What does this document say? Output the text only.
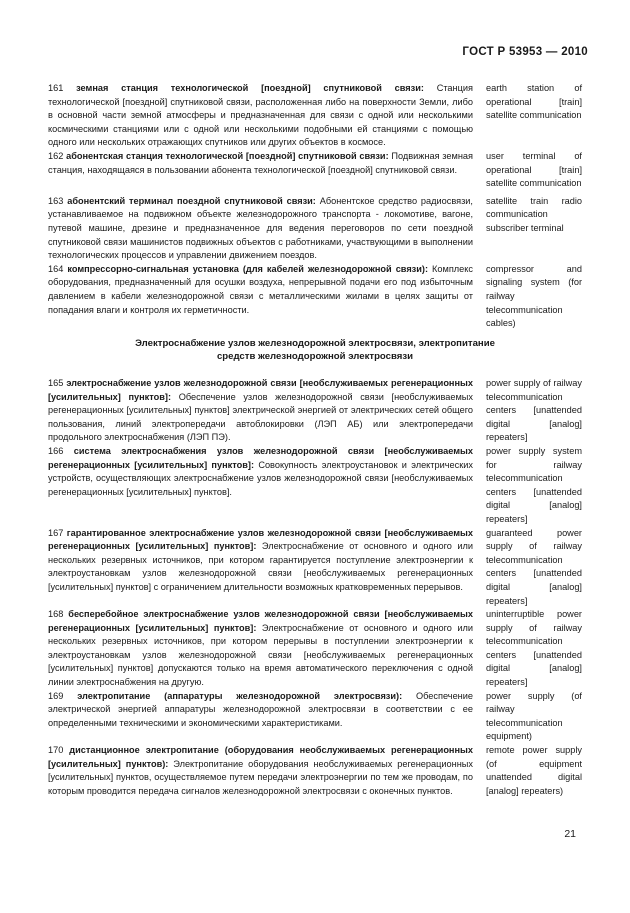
ГОСТ Р 53953 — 2010

161 земная станция технологической [поездной] спутниковой связи: Станция технологической [поездной] спутниковой связи, расположенная либо на поверхности Земли, либо в основной части земной атмосферы и предназначенная для связи с одной или несколькими космическими станциями или с одной или несколькими подобными ей станциями с помощью одного или нескольких отражающих спутников или других объектов в космосе.

earth station of operational [train] satellite communication

162 абонентская станция технологической [поездной] спутниковой связи: Подвижная земная станция, находящаяся в пользовании абонента технологической [поездной] спутниковой связи.

user terminal of operational [train] satellite communication

163 абонентский терминал поездной спутниковой связи: Абонентское средство радиосвязи, устанавливаемое на подвижном объекте железнодорожного транспорта - локомотиве, вагоне, путевой машине, дрезине и предназначенное для ведения переговоров по сети поездной спутниковой связи машинистов подвижных объектов с работниками, участвующими в выполнении технологических процессов и управлении движением поездов.

satellite train radio communication subscriber terminal

164 компрессорно-сигнальная установка (для кабелей железнодорожной связи): Комплекс оборудования, предназначенный для осушки воздуха, непрерывной подачи его под избыточным давлением в кабели железнодорожной связи с металлическими жилами в целях защиты от попадания влаги и контроля их герметичности.

compressor and signaling system (for railway telecommunication cables)

Электроснабжение узлов железнодорожной электросвязи, электропитание
средств железнодорожной электросвязи

165 электроснабжение узлов железнодорожной связи [необслуживаемых регенерационных [усилительных] пунктов]: Обеспечение узлов железнодорожной связи [необслуживаемых регенерационных [усилительных] пунктов] электрической энергией от электрических сетей общего пользования, линий электропередачи автоблокировки (ЛЭП АБ) или электропередачи продольного электроснабжения (ЛЭП ПЭ).

power supply of railway telecommunication centers [unattended digital [analog] repeaters]

166 система электроснабжения узлов железнодорожной связи [необслуживаемых регенерационных [усилительных] пунктов]: Совокупность электроустановок и электрических устройств, осуществляющих электроснабжение узлов железнодорожной связи [необслуживаемых регенерационных [усилительных] пунктов].

power supply system for railway telecommunication centers [unattended digital [analog] repeaters]

167 гарантированное электроснабжение узлов железнодорожной связи [необслуживаемых регенерационных [усилительных] пунктов]: Электроснабжение от основного и одного или нескольких резервных источников, при котором гарантируется поступление электроэнергии к электроустановкам узлов железнодорожной связи [необслуживаемых регенерационных [усилительных] пунктов] с ограничением длительности возможных кратковременных перерывов.

guaranteed power supply of railway telecommunication centers [unattended digital [analog] repeaters]

168 бесперебойное электроснабжение узлов железнодорожной связи [необслуживаемых регенерационных [усилительных] пунктов]: Электроснабжение от основного и одного или нескольких резервных источников, при котором перерывы в поступлении электроэнергии к электроустановкам узлов железнодорожной связи [необслуживаемых регенерационных [усилительных] пунктов] допускаются только на время автоматического переключения с одной линии электроснабжения на другую.

uninterruptible power supply of railway telecommunication centers [unattended digital [analog] repeaters]

169 электропитание (аппаратуры железнодорожной электросвязи): Обеспечение электрической энергией аппаратуры железнодорожной электросвязи в соответствии с ее определенными техническими и экономическими характеристиками.

power supply (of railway telecommunication equipment)

170 дистанционное электропитание (оборудования необслуживаемых регенерационных [усилительных] пунктов): Электропитание оборудования необслуживаемых регенерационных [усилительных] пунктов, осуществляемое путем передачи электроэнергии по тем же проводам, по которым проводится передача сигналов железнодорожной электросвязи с оконечных пунктов.

remote power supply (of equipment unattended digital [analog] repeaters)

21
